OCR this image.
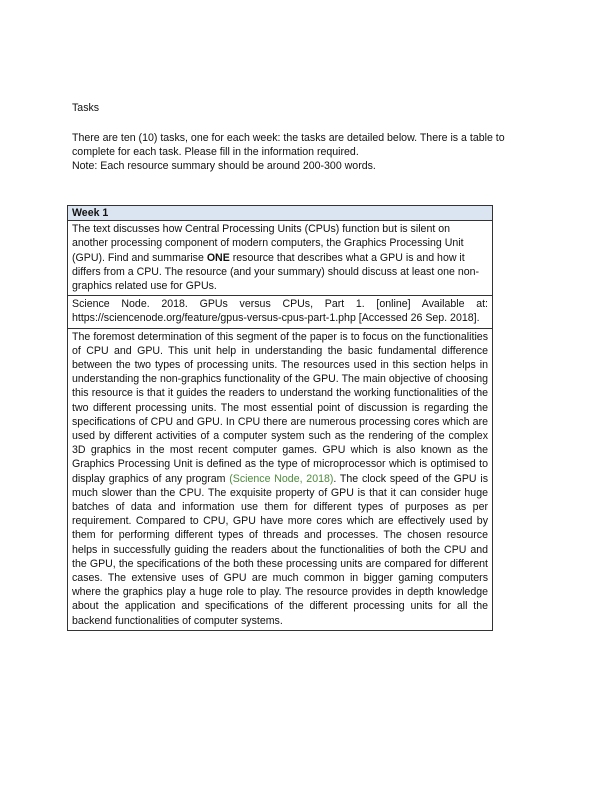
Tasks

There are ten (10) tasks, one for each week: the tasks are detailed below. There is a table to complete for each task. Please fill in the information required.

Note: Each resource summary should be around 200-300 words.

Week 1
The text discusses how Central Processing Units (CPUs) function but is silent on another processing component of modern computers, the Graphics Processing Unit (GPU). Find and summarise ONE resource that describes what a GPU is and how it differs from a CPU. The resource (and your summary) should discuss at least one non-graphics related use for GPUs.

Science Node. 2018. GPUs versus CPUs, Part 1. [online] Available at: https://sciencenode.org/feature/gpus-versus-cpus-part-1.php [Accessed 26 Sep. 2018].

The foremost determination of this segment of the paper is to focus on the functionalities of CPU and GPU. This unit help in understanding the basic fundamental difference between the two types of processing units. The resources used in this section helps in understanding the non-graphics functionality of the GPU. The main objective of choosing this resource is that it guides the readers to understand the working functionalities of the two different processing units. The most essential point of discussion is regarding the specifications of CPU and GPU. In CPU there are numerous processing cores which are used by different activities of a computer system such as the rendering of the complex 3D graphics in the most recent computer games. GPU which is also known as the Graphics Processing Unit is defined as the type of microprocessor which is optimised to display graphics of any program (Science Node, 2018). The clock speed of the GPU is much slower than the CPU. The exquisite property of GPU is that it can consider huge batches of data and information use them for different types of purposes as per requirement. Compared to CPU, GPU have more cores which are effectively used by them for performing different types of threads and processes. The chosen resource helps in successfully guiding the readers about the functionalities of both the CPU and the GPU, the specifications of the both these processing units are compared for different cases. The extensive uses of GPU are much common in bigger gaming computers where the graphics play a huge role to play. The resource provides in depth knowledge about the application and specifications of the different processing units for all the backend functionalities of computer systems.
